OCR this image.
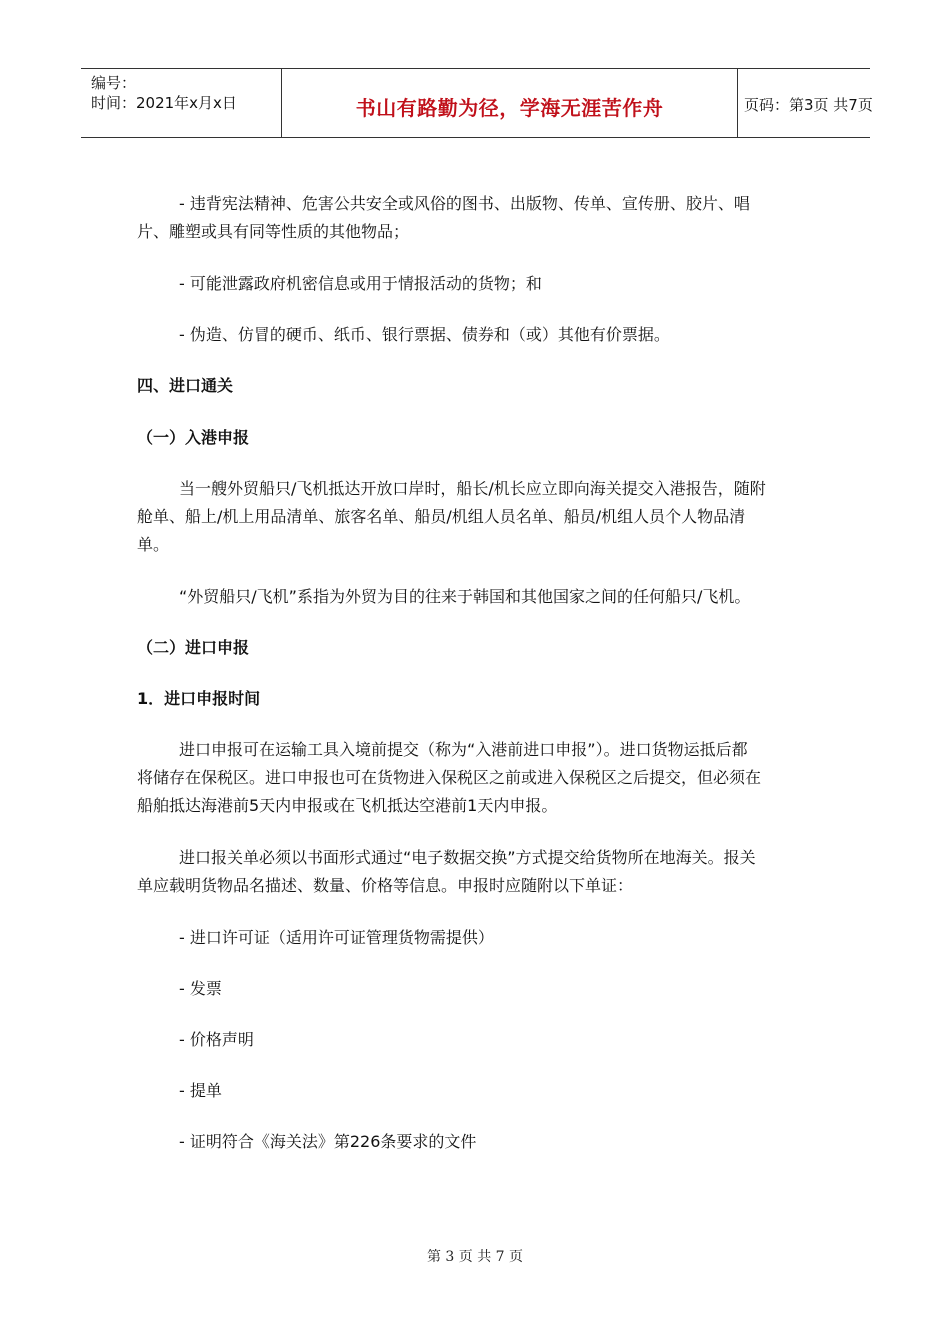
编号：
时间：2021年x月x日	书山有路勤为径，学海无涯苦作舟	页码：第3页 共7页
- 违背宪法精神、危害公共安全或风俗的图书、出版物、传单、宣传册、胶片、唱
片、雕塑或具有同等性质的其他物品；
- 可能泄露政府机密信息或用于情报活动的货物；和
- 伪造、仿冒的硬币、纸币、银行票据、债券和（或）其他有价票据。
四、进口通关
（一）入港申报
当一艘外贸船只/飞机抵达开放口岸时，船长/机长应立即向海关提交入港报告，随附
舱单、船上/机上用品清单、旅客名单、船员/机组人员名单、船员/机组人员个人物品清
单。
“外贸船只/飞机”系指为外贸为目的往来于韩国和其他国家之间的任何船只/飞机。
（二）进口申报
1．进口申报时间
进口申报可在运输工具入境前提交（称为“入港前进口申报”）。进口货物运抵后都
将储存在保税区。进口申报也可在货物进入保税区之前或进入保税区之后提交，但必须在
船舶抵达海港前5天内申报或在飞机抵达空港前1天内申报。
进口报关单必须以书面形式通过“电子数据交换”方式提交给货物所在地海关。报关
单应载明货物品名描述、数量、价格等信息。申报时应随附以下单证：
- 进口许可证（适用许可证管理货物需提供）
- 发票
- 价格声明
- 提单
- 证明符合《海关法》第226条要求的文件
第 3 页 共 7 页
